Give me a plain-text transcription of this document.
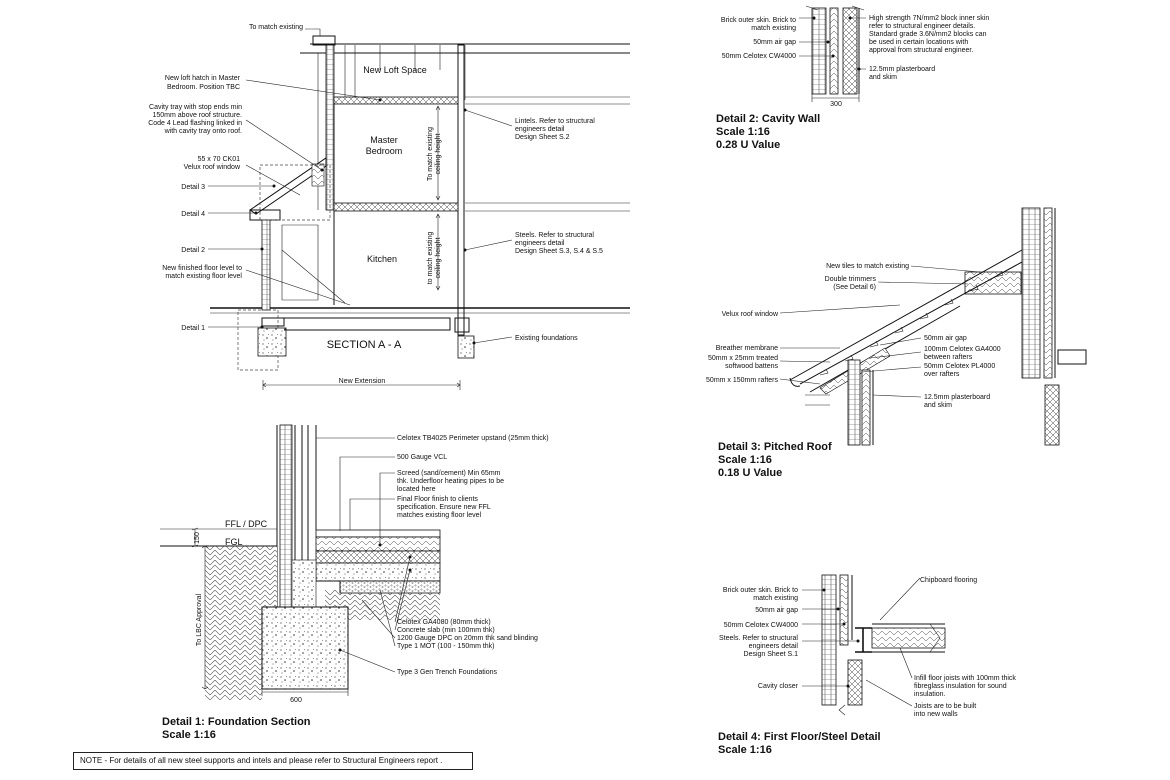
To match existing
New Loft Space
Master
Bedroom
Kitchen
SECTION A - A
New loft hatch in Master
Bedroom. Position TBC
Cavity tray with stop ends min
150mm above roof structure.
Code 4 Lead flashing linked in
with cavity tray onto roof.
55 x 70 CK01
Velux roof window
Detail 3
Detail 4
Detail 2
New finished floor level to
match existing floor level
Detail 1
Lintels. Refer to structural
engineers detail
Design Sheet S.2
Steels. Refer to structural
engineers detail
Design Sheet S.3, S.4 & S.5
Existing foundations
New Extension
To match existing ceiling height
to match existing ceiling height
FFL / DPC
FGL
150
To LBC Approval
600
Celotex TB4025 Perimeter upstand (25mm thick)
500 Gauge VCL
Screed (sand/cement) Min 65mm
thk. Underfloor heating pipes to be
located here
Final Floor finish to clients
specification. Ensure new FFL
matches existing floor level
Celotex GA4080 (80mm thick)
Concrete slab (min 100mm thk)
1200 Gauge DPC on 20mm thk sand blinding
Type 1 MOT (100 - 150mm thk)
Type 3 Gen Trench Foundations
Brick outer skin. Brick to
match existing
50mm air gap
50mm Celotex CW4000
High strength 7N/mm2 block inner skin
refer to structural engineer details.
Standard grade 3.6N/mm2 blocks can
be used in certain locations with
approval from structural engineer.
12.5mm plasterboard
and skim
300
New tiles to match existing
Double trimmers
(See Detail 6)
Velux roof window
Breather membrane
50mm x 25mm treated
softwood battens
50mm x 150mm rafters
50mm air gap
100mm Celotex GA4000
between rafters
50mm Celotex PL4000
over rafters
12.5mm plasterboard
and skim
Brick outer skin. Brick to
match existing
50mm air gap
50mm Celotex CW4000
Steels. Refer to structural
engineers detail
Design Sheet S.1
Cavity closer
Chipboard flooring
Infill floor joists with 100mm thick
fibreglass insulation for sound
insulation.
Joists are to be built
into new walls
Detail 1: Foundation Section
Scale 1:16
Detail 2: Cavity Wall
Scale 1:16
0.28 U Value
Detail 3: Pitched Roof
Scale 1:16
0.18 U Value
Detail 4: First Floor/Steel Detail
Scale 1:16
NOTE - For details of all new steel supports and intels and please refer to Structural Engineers report .
